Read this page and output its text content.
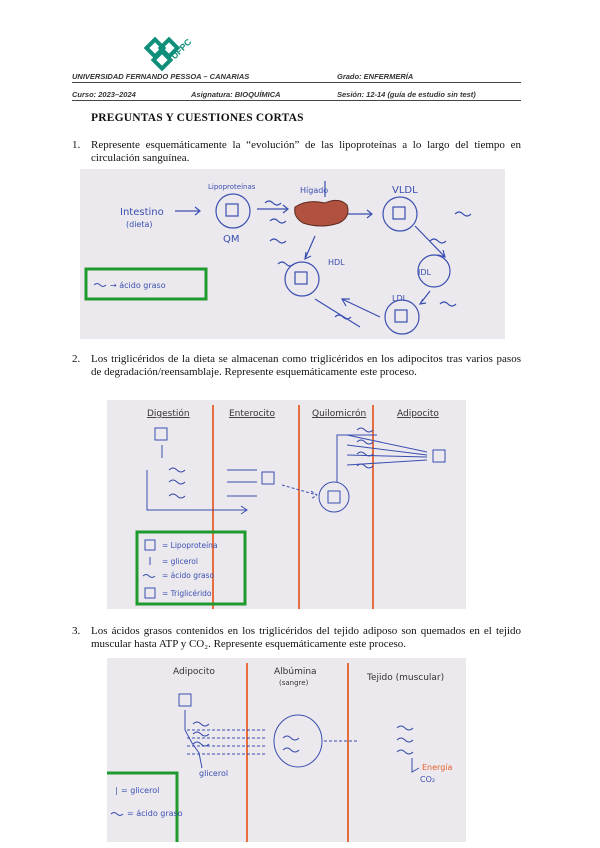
UFPC
UNIVERSIDAD FERNANDO PESSOA – CANARIAS	Grado: ENFERMERÍA
Curso: 2023–2024	Asignatura: BIOQUÍMICA	Sesión: 12-14 (guía de estudio sin test)
PREGUNTAS Y CUESTIONES CORTAS
1. Represente esquemáticamente la “evolución” de las lipoproteínas a lo largo del tiempo en circulación sanguínea.
Intestino
(dieta)
Lipoproteínas	Hígado
QM
VLDL
HDL
IDL
LDL
→ ácido graso
2. Los triglicéridos de la dieta se almacenan como triglicéridos en los adipocitos tras varios pasos de degradación/reensamblaje. Represente esquemáticamente este proceso.
Digestión	Enterocito	Quilomicrón	Adipocito
= Lipoproteína
= glicerol
= ácido graso
= Triglicérido
3. Los ácidos grasos contenidos en los triglicéridos del tejido adiposo son quemados en el tejido muscular hasta ATP y CO₂. Represente esquemáticamente este proceso.
Adipocito	Albúmina
(sangre)	Tejido (muscular)
glicerol
Energía
CO₂
| = glicerol
= ácido graso
